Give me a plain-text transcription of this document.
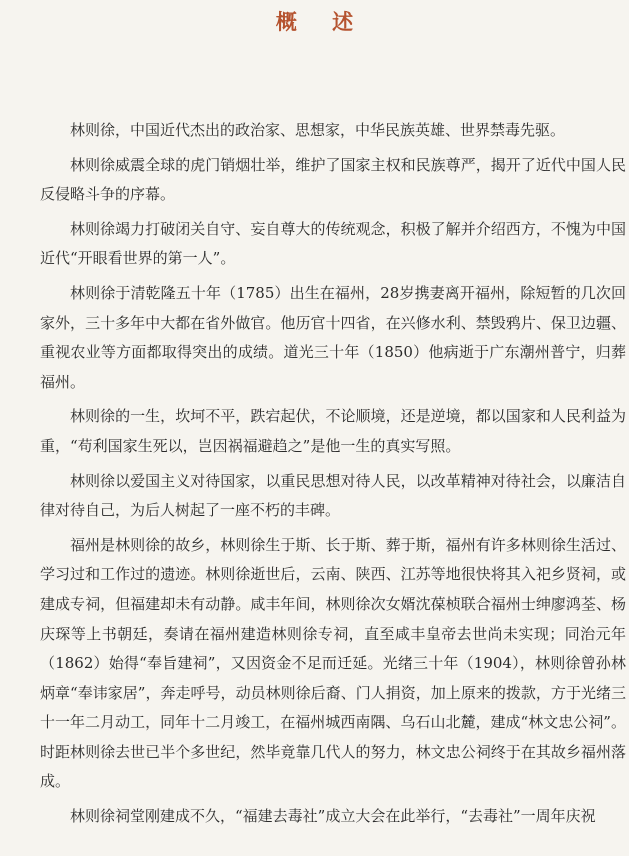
概 述

林则徐，中国近代杰出的政治家、思想家，中华民族英雄、世界禁毒先驱。

林则徐威震全球的虎门销烟壮举，维护了国家主权和民族尊严，揭开了近代中国人民反侵略斗争的序幕。

林则徐竭力打破闭关自守、妄自尊大的传统观念，积极了解并介绍西方，不愧为中国近代“开眼看世界的第一人”。

林则徐于清乾隆五十年（1785）出生在福州，28岁携妻离开福州，除短暂的几次回家外，三十多年中大都在省外做官。他历官十四省，在兴修水利、禁毁鸦片、保卫边疆、重视农业等方面都取得突出的成绩。道光三十年（1850）他病逝于广东潮州普宁，归葬福州。

林则徐的一生，坎坷不平，跌宕起伏，不论顺境，还是逆境，都以国家和人民利益为重，“苟利国家生死以，岂因祸福避趋之”是他一生的真实写照。

林则徐以爱国主义对待国家，以重民思想对待人民，以改革精神对待社会，以廉洁自律对待自己，为后人树起了一座不朽的丰碑。

福州是林则徐的故乡，林则徐生于斯、长于斯、葬于斯，福州有许多林则徐生活过、学习过和工作过的遗迹。林则徐逝世后，云南、陕西、江苏等地很快将其入祀乡贤祠，或建成专祠，但福建却未有动静。咸丰年间，林则徐次女婿沈葆桢联合福州士绅廖鸿荃、杨庆琛等上书朝廷，奏请在福州建造林则徐专祠，直至咸丰皇帝去世尚未实现；同治元年（1862）始得“奉旨建祠”，又因资金不足而迁延。光绪三十年（1904），林则徐曾孙林炳章“奉讳家居”，奔走呼号，动员林则徐后裔、门人捐资，加上原来的拨款，方于光绪三十一年二月动工，同年十二月竣工，在福州城西南隅、乌石山北麓，建成“林文忠公祠”。时距林则徐去世已半个多世纪，然毕竟靠几代人的努力，林文忠公祠终于在其故乡福州落成。

林则徐祠堂刚建成不久，“福建去毒社”成立大会在此举行，“去毒社”一周年庆祝
